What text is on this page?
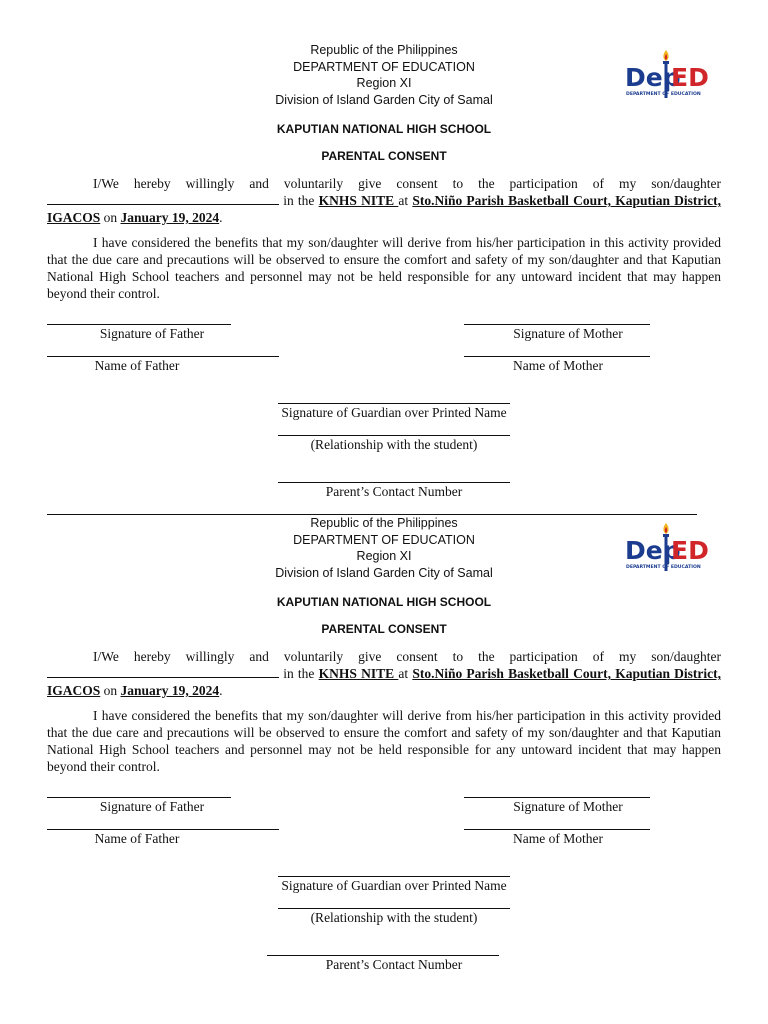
Republic of the Philippines
DEPARTMENT OF EDUCATION
Region XI
Division of Island Garden City of Samal
Dep
ED
DEPARTMENT OF EDUCATION
KAPUTIAN NATIONAL HIGH SCHOOL
PARENTAL CONSENT
I/We hereby willingly and voluntarily give consent to the participation of my son/daughter  in the KNHS NITE at Sto.Niño Parish Basketball Court, Kaputian District, IGACOS on January 19, 2024.
I have considered the benefits that my son/daughter will derive from his/her participation in this activity provided that the due care and precautions will be observed to ensure the comfort and safety of my son/daughter and that Kaputian National High School teachers and personnel may not be held responsible for any untoward incident that may happen beyond their control.
Signature of Father	Signature of Mother
Name of Father	Name of Mother
Signature of Guardian over Printed Name
(Relationship with the student)
Parent’s Contact Number
Republic of the Philippines
DEPARTMENT OF EDUCATION
Region XI
Division of Island Garden City of Samal
Dep
ED
DEPARTMENT OF EDUCATION
KAPUTIAN NATIONAL HIGH SCHOOL
PARENTAL CONSENT
I/We hereby willingly and voluntarily give consent to the participation of my son/daughter  in the KNHS NITE at Sto.Niño Parish Basketball Court, Kaputian District, IGACOS on January 19, 2024.
I have considered the benefits that my son/daughter will derive from his/her participation in this activity provided that the due care and precautions will be observed to ensure the comfort and safety of my son/daughter and that Kaputian National High School teachers and personnel may not be held responsible for any untoward incident that may happen beyond their control.
Signature of Father	Signature of Mother
Name of Father	Name of Mother
Signature of Guardian over Printed Name
(Relationship with the student)
Parent’s Contact Number
